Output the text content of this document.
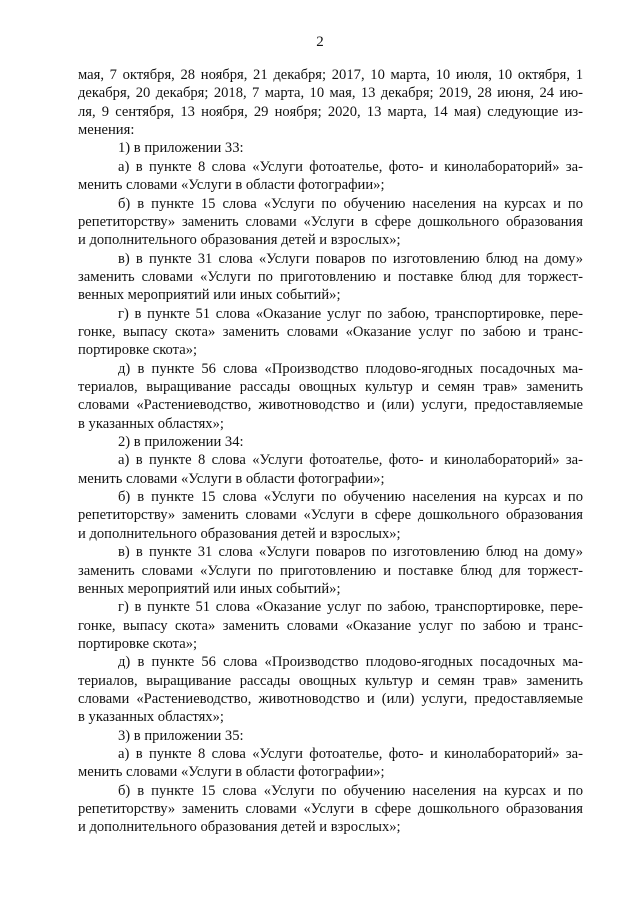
2
мая, 7 октября, 28 ноября, 21 декабря; 2017, 10 марта, 10 июля, 10 октября, 1
декабря, 20 декабря; 2018, 7 марта, 10 мая, 13 декабря; 2019, 28 июня, 24 ию-
ля, 9 сентября, 13 ноября, 29 ноября; 2020, 13 марта, 14 мая) следующие из-
менения:
1) в приложении 33:
а) в пункте 8 слова «Услуги фотоателье, фото- и кинолабораторий» за-
менить словами «Услуги в области фотографии»;
б) в пункте 15 слова «Услуги по обучению населения на курсах и по
репетиторству» заменить словами «Услуги в сфере дошкольного образования
и дополнительного образования детей и взрослых»;
в) в пункте 31 слова «Услуги поваров по изготовлению блюд на дому»
заменить словами «Услуги по приготовлению и поставке блюд для торжест-
венных мероприятий или иных событий»;
г) в пункте 51 слова «Оказание услуг по забою, транспортировке, пере-
гонке, выпасу скота» заменить словами «Оказание услуг по забою и транс-
портировке скота»;
д) в пункте 56 слова «Производство плодово-ягодных посадочных ма-
териалов, выращивание рассады овощных культур и семян трав» заменить
словами «Растениеводство, животноводство и (или) услуги, предоставляемые
в указанных областях»;
2) в приложении 34:
а) в пункте 8 слова «Услуги фотоателье, фото- и кинолабораторий» за-
менить словами «Услуги в области фотографии»;
б) в пункте 15 слова «Услуги по обучению населения на курсах и по
репетиторству» заменить словами «Услуги в сфере дошкольного образования
и дополнительного образования детей и взрослых»;
в) в пункте 31 слова «Услуги поваров по изготовлению блюд на дому»
заменить словами «Услуги по приготовлению и поставке блюд для торжест-
венных мероприятий или иных событий»;
г) в пункте 51 слова «Оказание услуг по забою, транспортировке, пере-
гонке, выпасу скота» заменить словами «Оказание услуг по забою и транс-
портировке скота»;
д) в пункте 56 слова «Производство плодово-ягодных посадочных ма-
териалов, выращивание рассады овощных культур и семян трав» заменить
словами «Растениеводство, животноводство и (или) услуги, предоставляемые
в указанных областях»;
3) в приложении 35:
а) в пункте 8 слова «Услуги фотоателье, фото- и кинолабораторий» за-
менить словами «Услуги в области фотографии»;
б) в пункте 15 слова «Услуги по обучению населения на курсах и по
репетиторству» заменить словами «Услуги в сфере дошкольного образования
и дополнительного образования детей и взрослых»;
